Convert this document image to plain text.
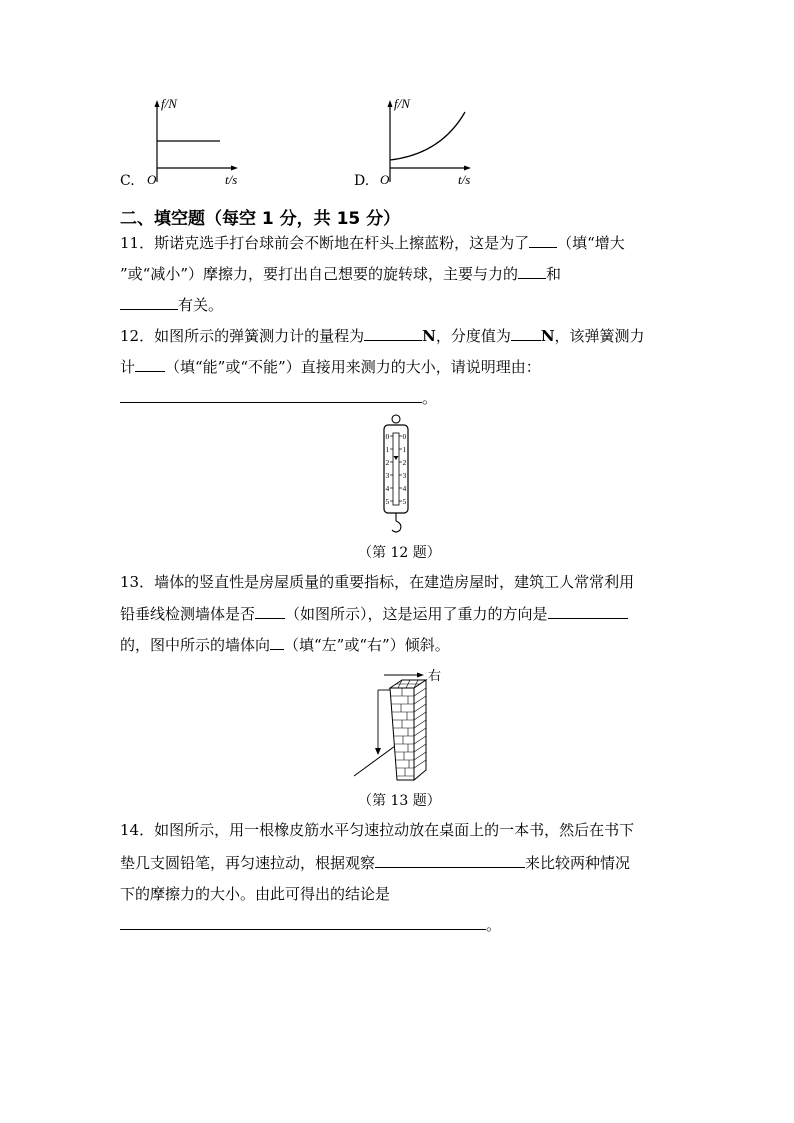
f/N
O	t/s
C.
f/N
O	t/s
D.
二、填空题（每空 1 分，共 15 分）
11．斯诺克选手打台球前会不断地在杆头上擦蓝粉，这是为了 （填“增大
”或“减小”）摩擦力，要打出自己想要的旋转球，主要与力的 和
有关。
12．如图所示的弹簧测力计的量程为	N，分度值为 N，该弹簧测力
计 （填“能”或“不能”）直接用来测力的大小，请说明理由：
。
0 0
1 1
2 2
3 3
4 4
5 5
（第 12 题）
13．墙体的竖直性是房屋质量的重要指标，在建造房屋时，建筑工人常常利用
铅垂线检测墙体是否 （如图所示），这是运用了重力的方向是
的，图中所示的墙体向 （填“左”或“右”）倾斜。
右
（第 13 题）
14．如图所示，用一根橡皮筋水平匀速拉动放在桌面上的一本书，然后在书下
垫几支圆铅笔，再匀速拉动，根据观察	来比较两种情况
下的摩擦力的大小。由此可得出的结论是
。
